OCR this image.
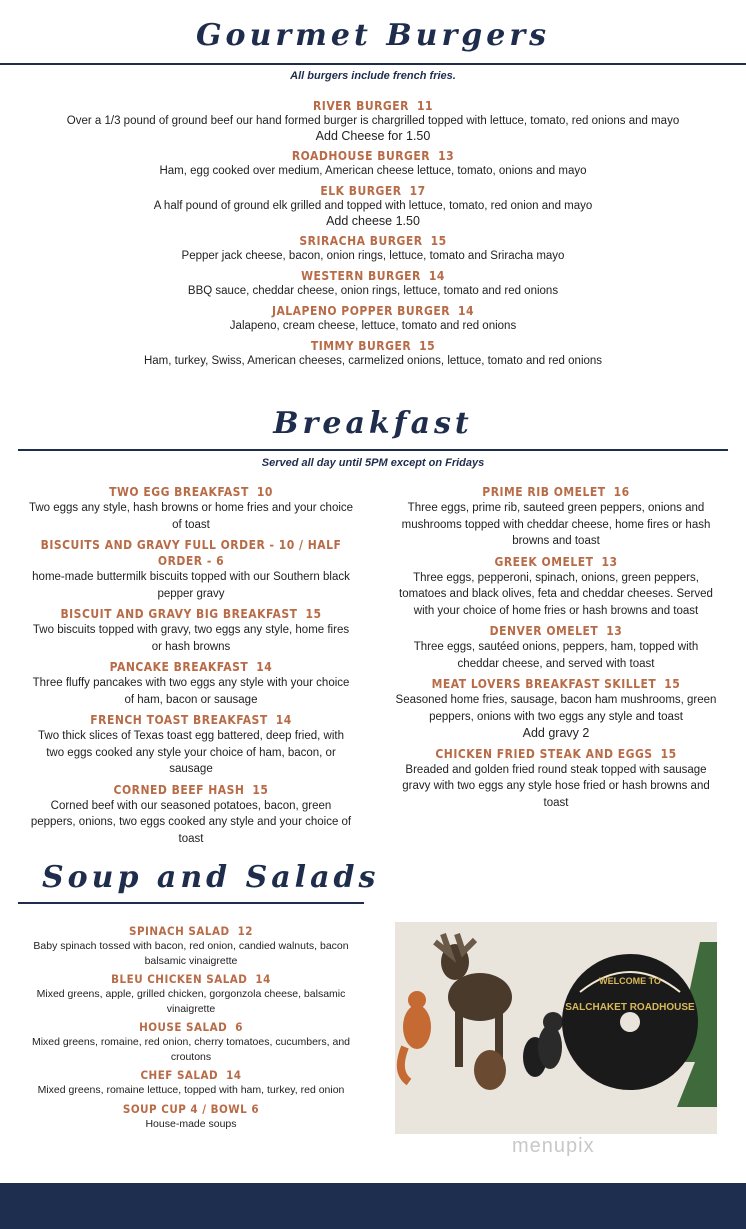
Gourmet Burgers
All burgers include french fries.
RIVER BURGER 11
Over a 1/3 pound of ground beef our hand formed burger is chargrilled topped with lettuce, tomato, red onions and mayo
Add Cheese for 1.50
ROADHOUSE BURGER 13
Ham, egg cooked over medium, American cheese lettuce, tomato, onions and mayo
ELK BURGER 17
A half pound of ground elk grilled and topped with lettuce, tomato, red onion and mayo
Add cheese 1.50
SRIRACHA BURGER 15
Pepper jack cheese, bacon, onion rings, lettuce, tomato and Sriracha mayo
WESTERN BURGER 14
BBQ sauce, cheddar cheese, onion rings, lettuce, tomato and red onions
JALAPENO POPPER BURGER 14
Jalapeno, cream cheese, lettuce, tomato and red onions
TIMMY BURGER 15
Ham, turkey, Swiss, American cheeses, carmelized onions, lettuce, tomato and red onions
Breakfast
Served all day until 5PM except on Fridays
TWO EGG BREAKFAST 10
Two eggs any style, hash browns or home fries and your choice of toast
BISCUITS AND GRAVY FULL ORDER - 10 / HALF ORDER - 6
home-made buttermilk biscuits topped with our Southern black pepper gravy
BISCUIT AND GRAVY BIG BREAKFAST 15
Two biscuits topped with gravy, two eggs any style, home fires or hash browns
PANCAKE BREAKFAST 14
Three fluffy pancakes with two eggs any style with your choice of ham, bacon or sausage
FRENCH TOAST BREAKFAST 14
Two thick slices of Texas toast egg battered, deep fried, with two eggs cooked any style your choice of ham, bacon, or sausage
CORNED BEEF HASH 15
Corned beef with our seasoned potatoes, bacon, green peppers, onions, two eggs cooked any style and your choice of toast
PRIME RIB OMELET 16
Three eggs, prime rib, sauteed green peppers, onions and mushrooms topped with cheddar cheese, home fires or hash browns and toast
GREEK OMELET 13
Three eggs, pepperoni, spinach, onions, green peppers, tomatoes and black olives, feta and cheddar cheeses. Served with your choice of home fries or hash browns and toast
DENVER OMELET 13
Three eggs, sautéed onions, peppers, ham, topped with cheddar cheese, and served with toast
MEAT LOVERS BREAKFAST SKILLET 15
Seasoned home fries, sausage, bacon ham mushrooms, green peppers, onions with two eggs any style and toast
Add gravy 2
CHICKEN FRIED STEAK AND EGGS 15
Breaded and golden fried round steak topped with sausage gravy with two eggs any style hose fried or hash browns and toast
Soup and Salads
SPINACH SALAD 12
Baby spinach tossed with bacon, red onion, candied walnuts, bacon balsamic vinaigrette
BLEU CHICKEN SALAD 14
Mixed greens, apple, grilled chicken, gorgonzola cheese, balsamic vinaigrette
HOUSE SALAD 6
Mixed greens, romaine, red onion, cherry tomatoes, cucumbers, and croutons
CHEF SALAD 14
Mixed greens, romaine lettuce, topped with ham, turkey, red onion
SOUP CUP 4 / BOWL 6
House-made soups
WELCOME TO
SALCHAKET ROADHOUSE
menupix
